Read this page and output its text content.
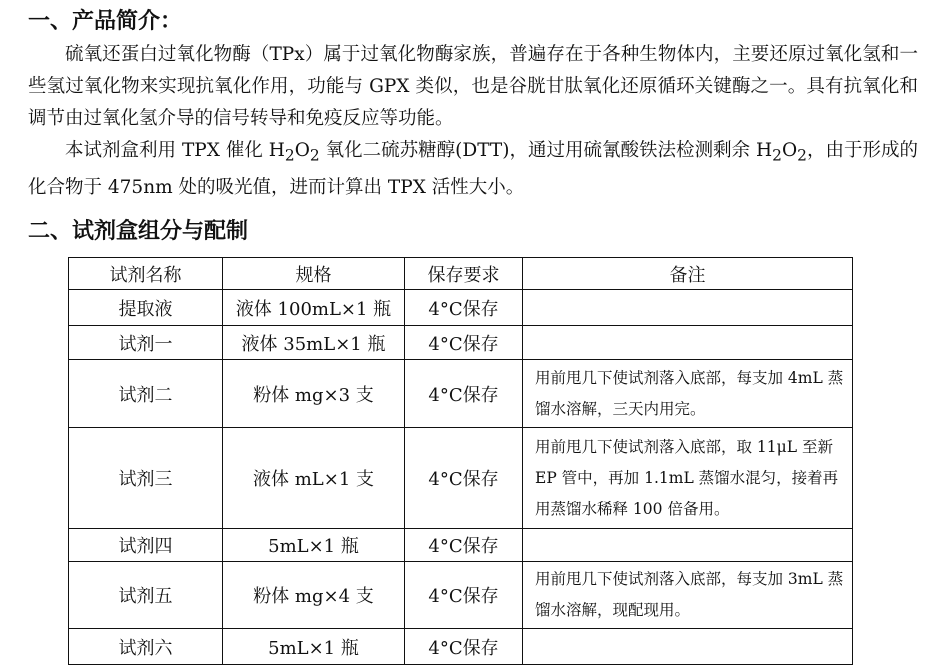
一、产品简介：

硫氧还蛋白过氧化物酶（TPx）属于过氧化物酶家族，普遍存在于各种生物体内，主要还原过氧化氢和一些氢过氧化物来实现抗氧化作用，功能与 GPX 类似，也是谷胱甘肽氧化还原循环关键酶之一。具有抗氧化和调节由过氧化氢介导的信号转导和免疫反应等功能。

本试剂盒利用 TPX 催化 $H_2O_2$ 氧化二硫苏糖醇(DTT)，通过用硫氰酸铁法检测剩余 $H_2O_2$，由于形成的化合物于 475nm 处的吸光值，进而计算出 TPX 活性大小。

二、试剂盒组分与配制
试剂名称	规格	保存要求	备注
提取液	液体 100mL×1 瓶	4°C保存	
试剂一	液体 35mL×1 瓶	4°C保存	
试剂二	粉体 mg×3 支	4°C保存	用前甩几下使试剂落入底部，每支加 4mL 蒸馏水溶解，三天内用完。
试剂三	液体 mL×1 支	4°C保存	用前甩几下使试剂落入底部，取 11μL 至新 EP 管中，再加 1.1mL 蒸馏水混匀，接着再用蒸馏水稀释 100 倍备用。
试剂四	5mL×1 瓶	4°C保存	
试剂五	粉体 mg×4 支	4°C保存	用前甩几下使试剂落入底部，每支加 3mL 蒸馏水溶解，现配现用。
试剂六	5mL×1 瓶	4°C保存	
